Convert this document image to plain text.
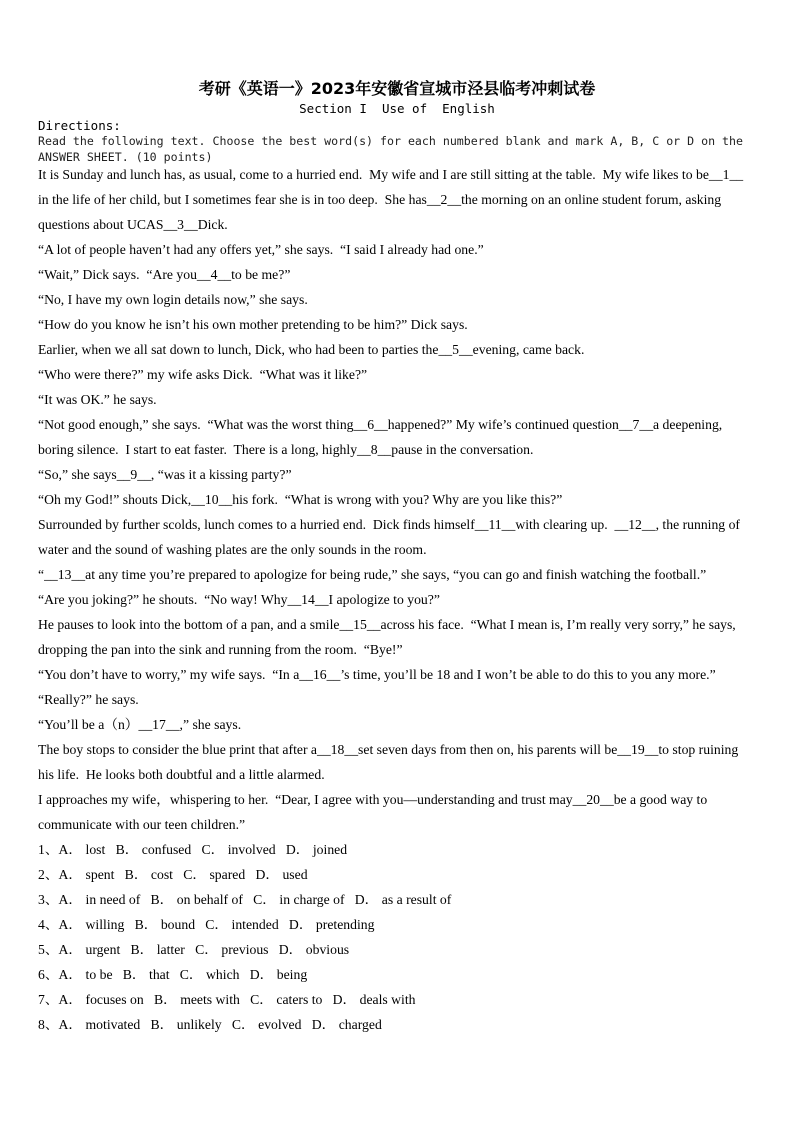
考研《英语一》2023年安徽省宣城市泾县临考冲刺试卷
Section I  Use of  English
Directions:
Read the following text. Choose the best word(s) for each numbered blank and mark A, B, C or D on the ANSWER SHEET. (10 points)
It is Sunday and lunch has, as usual, come to a hurried end.  My wife and I are still sitting at the table.  My wife likes to be__1__
in the life of her child, but I sometimes fear she is in too deep.  She has__2__the morning on an online student forum, asking
questions about UCAS__3__Dick.
“A lot of people haven’t had any offers yet,” she says.  “I said I already had one.”
“Wait,” Dick says.  “Are you__4__to be me?”
“No, I have my own login details now,” she says.
“How do you know he isn’t his own mother pretending to be him?” Dick says.
Earlier, when we all sat down to lunch, Dick, who had been to parties the__5__evening, came back.
“Who were there?” my wife asks Dick.  “What was it like?”
“It was OK.” he says.
“Not good enough,” she says.  “What was the worst thing__6__happened?” My wife’s continued question__7__a deepening,
boring silence.  I start to eat faster.  There is a long, highly__8__pause in the conversation.
“So,” she says__9__, “was it a kissing party?”
“Oh my God!” shouts Dick,__10__his fork.  “What is wrong with you? Why are you like this?”
Surrounded by further scolds, lunch comes to a hurried end.  Dick finds himself__11__with clearing up.  __12__, the running of
water and the sound of washing plates are the only sounds in the room.
“__13__at any time you’re prepared to apologize for being rude,” she says, “you can go and finish watching the football.”
“Are you joking?” he shouts.  “No way! Why__14__I apologize to you?”
He pauses to look into the bottom of a pan, and a smile__15__across his face.  “What I mean is, I’m really very sorry,” he says,
dropping the pan into the sink and running from the room.  “Bye!”
“You don’t have to worry,” my wife says.  “In a__16__’s time, you’ll be 18 and I won’t be able to do this to you any more.”
“Really?” he says.
“You’ll be a（n）__17__,” she says.
The boy stops to consider the blue print that after a__18__set seven days from then on, his parents will be__19__to stop ruining
his life.  He looks both doubtful and a little alarmed.
I approaches my wife，whispering to her.  “Dear, I agree with you—understanding and trust may__20__be a good way to
communicate with our teen children.”
1、A． lost   B． confused   C． involved   D． joined
2、A． spent   B． cost   C． spared   D． used
3、A． in need of   B． on behalf of   C． in charge of   D． as a result of
4、A． willing   B． bound   C． intended   D． pretending
5、A． urgent   B． latter   C． previous   D． obvious
6、A． to be   B． that   C． which   D． being
7、A． focuses on   B． meets with   C． caters to   D． deals with
8、A． motivated   B． unlikely   C． evolved   D． charged
